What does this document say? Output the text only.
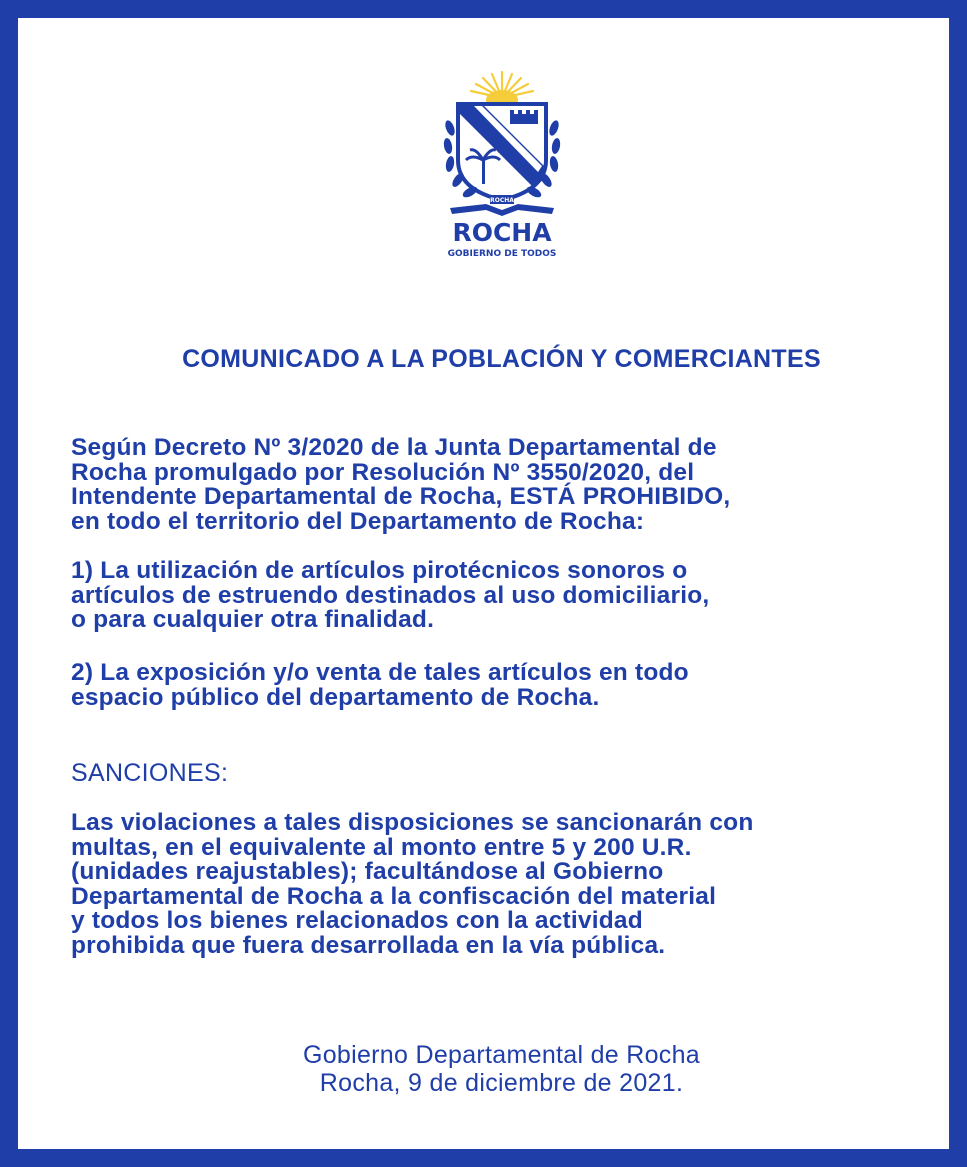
ROCHA
ROCHA
GOBIERNO DE TODOS
COMUNICADO A LA POBLACIÓN Y COMERCIANTES
Según Decreto Nº 3/2020 de la Junta Departamental de
Rocha promulgado por Resolución Nº 3550/2020, del
Intendente Departamental de Rocha, ESTÁ PROHIBIDO,
en todo el territorio del Departamento de Rocha:
1) La utilización de artículos pirotécnicos sonoros o
artículos de estruendo destinados al uso domiciliario,
o para cualquier otra finalidad.
2) La exposición y/o venta de tales artículos en todo
espacio público del departamento de Rocha.
SANCIONES:
Las violaciones a tales disposiciones se sancionarán con
multas, en el equivalente al monto entre 5 y 200 U.R.
(unidades reajustables); facultándose al Gobierno
Departamental de Rocha a la confiscación del material
y todos los bienes relacionados con la actividad
prohibida que fuera desarrollada en la vía pública.
Gobierno Departamental de Rocha
Rocha, 9 de diciembre de 2021.
